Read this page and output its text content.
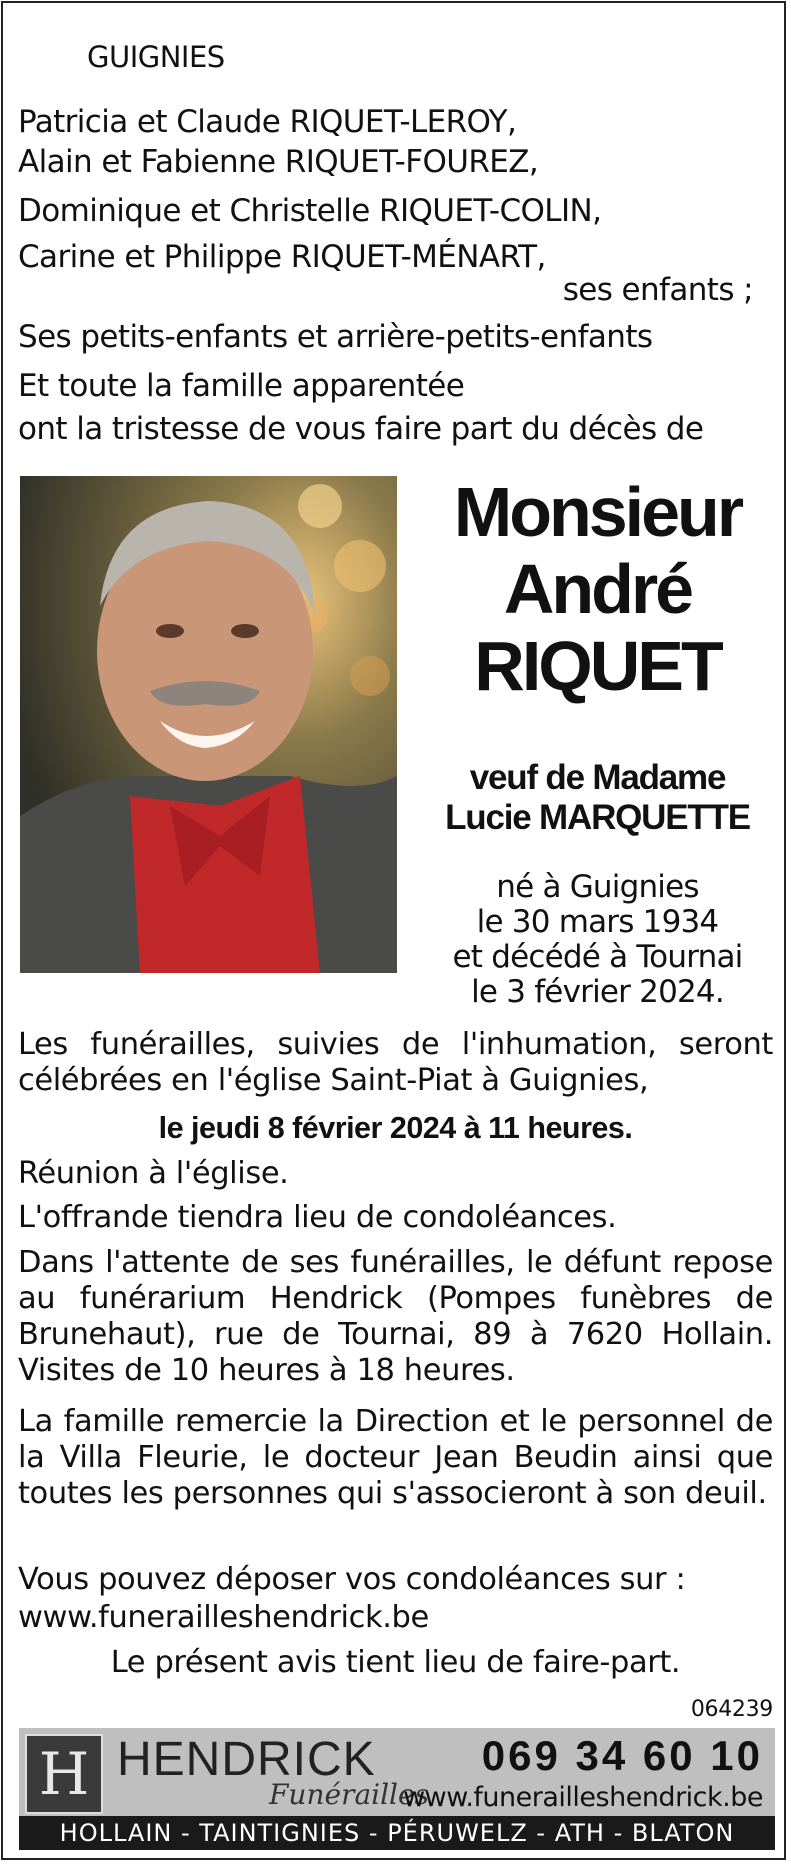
GUIGNIES
Patricia et Claude RIQUET-LEROY,
Alain et Fabienne RIQUET-FOUREZ,
Dominique et Christelle RIQUET-COLIN,
Carine et Philippe RIQUET-MÉNART,
ses enfants ;
Ses petits-enfants et arrière-petits-enfants
Et toute la famille apparentée
ont la tristesse de vous faire part du décès de
Monsieur
André
RIQUET
veuf de Madame
Lucie MARQUETTE
né à Guignies
le 30 mars 1934
et décédé à Tournai
le 3 février 2024.
Les funérailles, suivies de l'inhumation, seront célébrées en l'église Saint-Piat à Guignies,
le jeudi 8 février 2024 à 11 heures.
Réunion à l'église.
L'offrande tiendra lieu de condoléances.
Dans l'attente de ses funérailles, le défunt repose au funérarium Hendrick (Pompes funèbres de Brunehaut), rue de Tournai, 89 à 7620 Hollain. Visites de 10 heures à 18 heures.
La famille remercie la Direction et le personnel de la Villa Fleurie, le docteur Jean Beudin ainsi que toutes les personnes qui s'associeront à son deuil.
Vous pouvez déposer vos condoléances sur :
www.funerailleshendrick.be
Le présent avis tient lieu de faire-part.
064239
H HENDRICK
Funérailles
069 34 60 10
www.funerailleshendrick.be
HOLLAIN - TAINTIGNIES - PÉRUWELZ - ATH - BLATON
